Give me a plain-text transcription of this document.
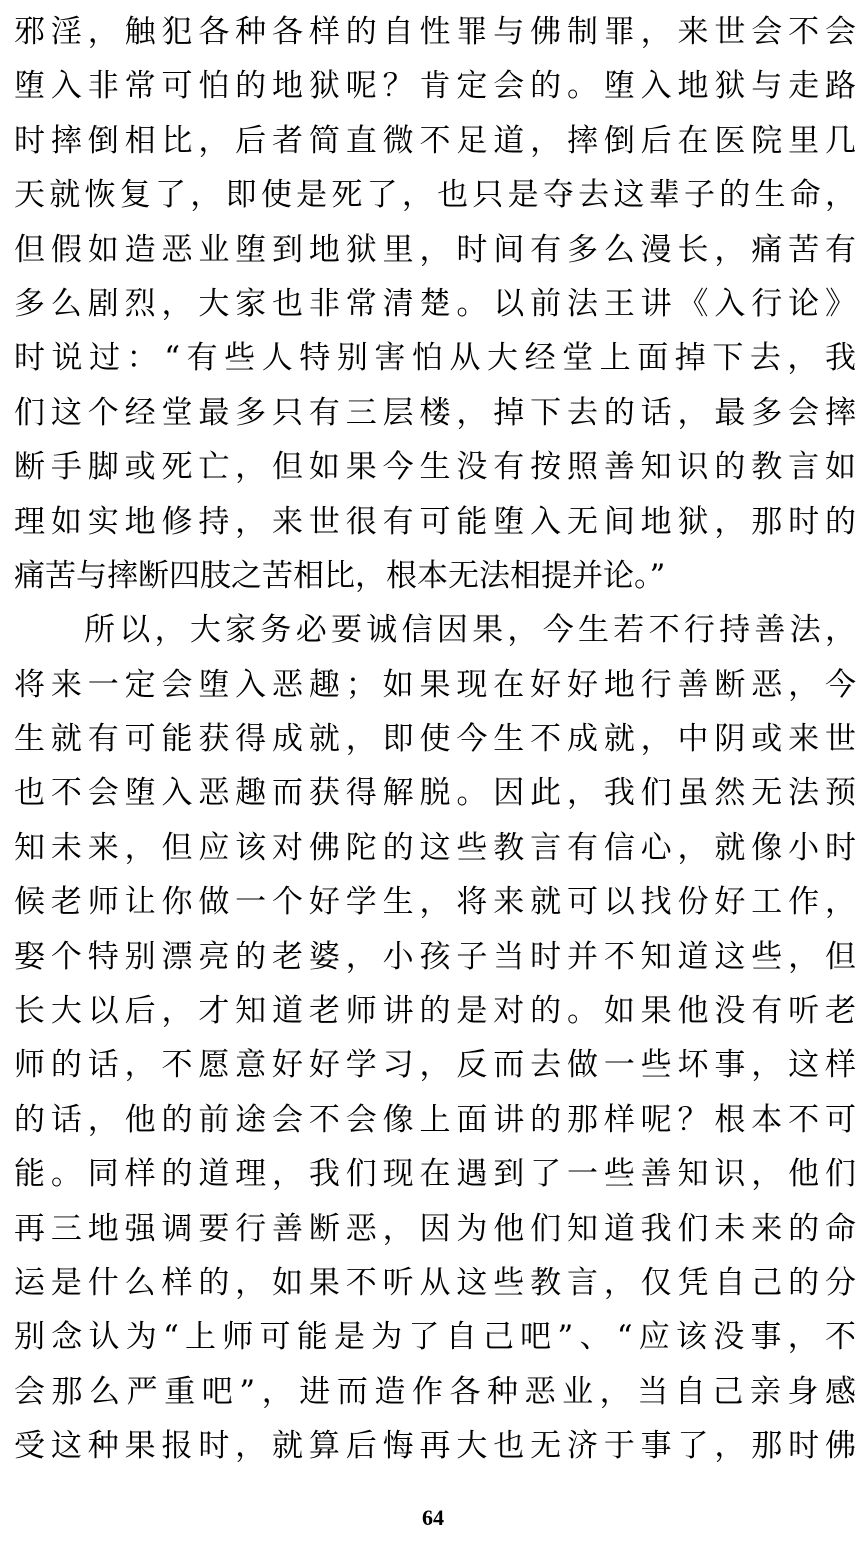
邪淫，触犯各种各样的自性罪与佛制罪，来世会不会
堕入非常可怕的地狱呢？肯定会的。堕入地狱与走路
时摔倒相比，后者简直微不足道，摔倒后在医院里几
天就恢复了，即使是死了，也只是夺去这辈子的生命，
但假如造恶业堕到地狱里，时间有多么漫长，痛苦有
多么剧烈，大家也非常清楚。以前法王讲《入行论》
时说过：“有些人特别害怕从大经堂上面掉下去，我
们这个经堂最多只有三层楼，掉下去的话，最多会摔
断手脚或死亡，但如果今生没有按照善知识的教言如
理如实地修持，来世很有可能堕入无间地狱，那时的
痛苦与摔断四肢之苦相比，根本无法相提并论。”
所以，大家务必要诚信因果，今生若不行持善法，
将来一定会堕入恶趣；如果现在好好地行善断恶，今
生就有可能获得成就，即使今生不成就，中阴或来世
也不会堕入恶趣而获得解脱。因此，我们虽然无法预
知未来，但应该对佛陀的这些教言有信心，就像小时
候老师让你做一个好学生，将来就可以找份好工作，
娶个特别漂亮的老婆，小孩子当时并不知道这些，但
长大以后，才知道老师讲的是对的。如果他没有听老
师的话，不愿意好好学习，反而去做一些坏事，这样
的话，他的前途会不会像上面讲的那样呢？根本不可
能。同样的道理，我们现在遇到了一些善知识，他们
再三地强调要行善断恶，因为他们知道我们未来的命
运是什么样的，如果不听从这些教言，仅凭自己的分
别念认为“上师可能是为了自己吧”、“应该没事，不
会那么严重吧”，进而造作各种恶业，当自己亲身感
受这种果报时，就算后悔再大也无济于事了，那时佛
64
